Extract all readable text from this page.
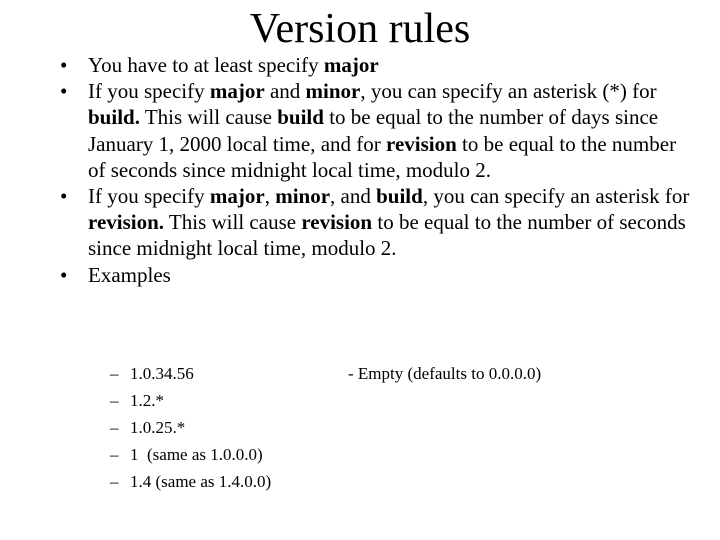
Version rules
• You have to at least specify major
• If you specify major and minor, you can specify an asterisk (*) for build. This will cause build to be equal to the number of days since January 1, 2000 local time, and for revision to be equal to the number of seconds since midnight local time, modulo 2.
• If you specify major, minor, and build, you can specify an asterisk for revision. This will cause revision to be equal to the number of seconds since midnight local time, modulo 2.
• Examples
– 1.0.34.56
– 1.2.*
– 1.0.25.*
– 1  (same as 1.0.0.0)
– 1.4 (same as 1.4.0.0)
- Empty (defaults to 0.0.0.0)
